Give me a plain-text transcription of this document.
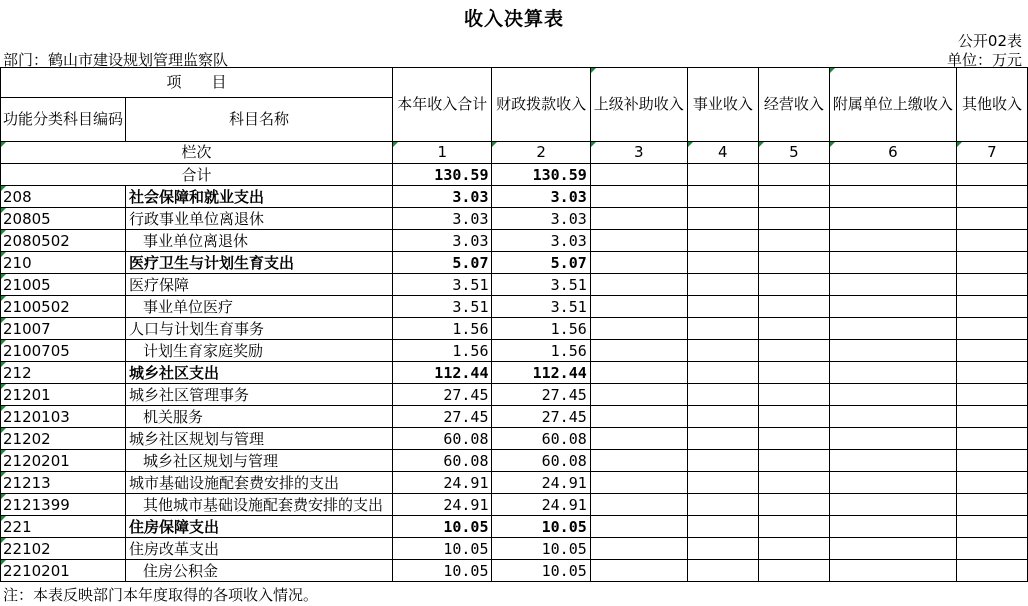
收入决算表
公开02表
部门：鹤山市建设规划管理监察队	单位：万元
项　　目		本年收入合计	财政拨款收入	上级补助收入	事业收入	经营收入	附属单位上缴收入	其他收入
功能分类科目编码	科目名称							
栏次		1	2	3	4	5	6	7
合计		130.59	130.59					
208	社会保障和就业支出	3.03	3.03					
20805	行政事业单位离退休	3.03	3.03					
2080502	事业单位离退休	3.03	3.03					
210	医疗卫生与计划生育支出	5.07	5.07					
21005	医疗保障	3.51	3.51					
2100502	事业单位医疗	3.51	3.51					
21007	人口与计划生育事务	1.56	1.56					
2100705	计划生育家庭奖励	1.56	1.56					
212	城乡社区支出	112.44	112.44					
21201	城乡社区管理事务	27.45	27.45					
2120103	机关服务	27.45	27.45					
21202	城乡社区规划与管理	60.08	60.08					
2120201	城乡社区规划与管理	60.08	60.08					
21213	城市基础设施配套费安排的支出	24.91	24.91					
2121399	其他城市基础设施配套费安排的支出	24.91	24.91					
221	住房保障支出	10.05	10.05					
22102	住房改革支出	10.05	10.05					
2210201	住房公积金	10.05	10.05					
注：本表反映部门本年度取得的各项收入情况。
